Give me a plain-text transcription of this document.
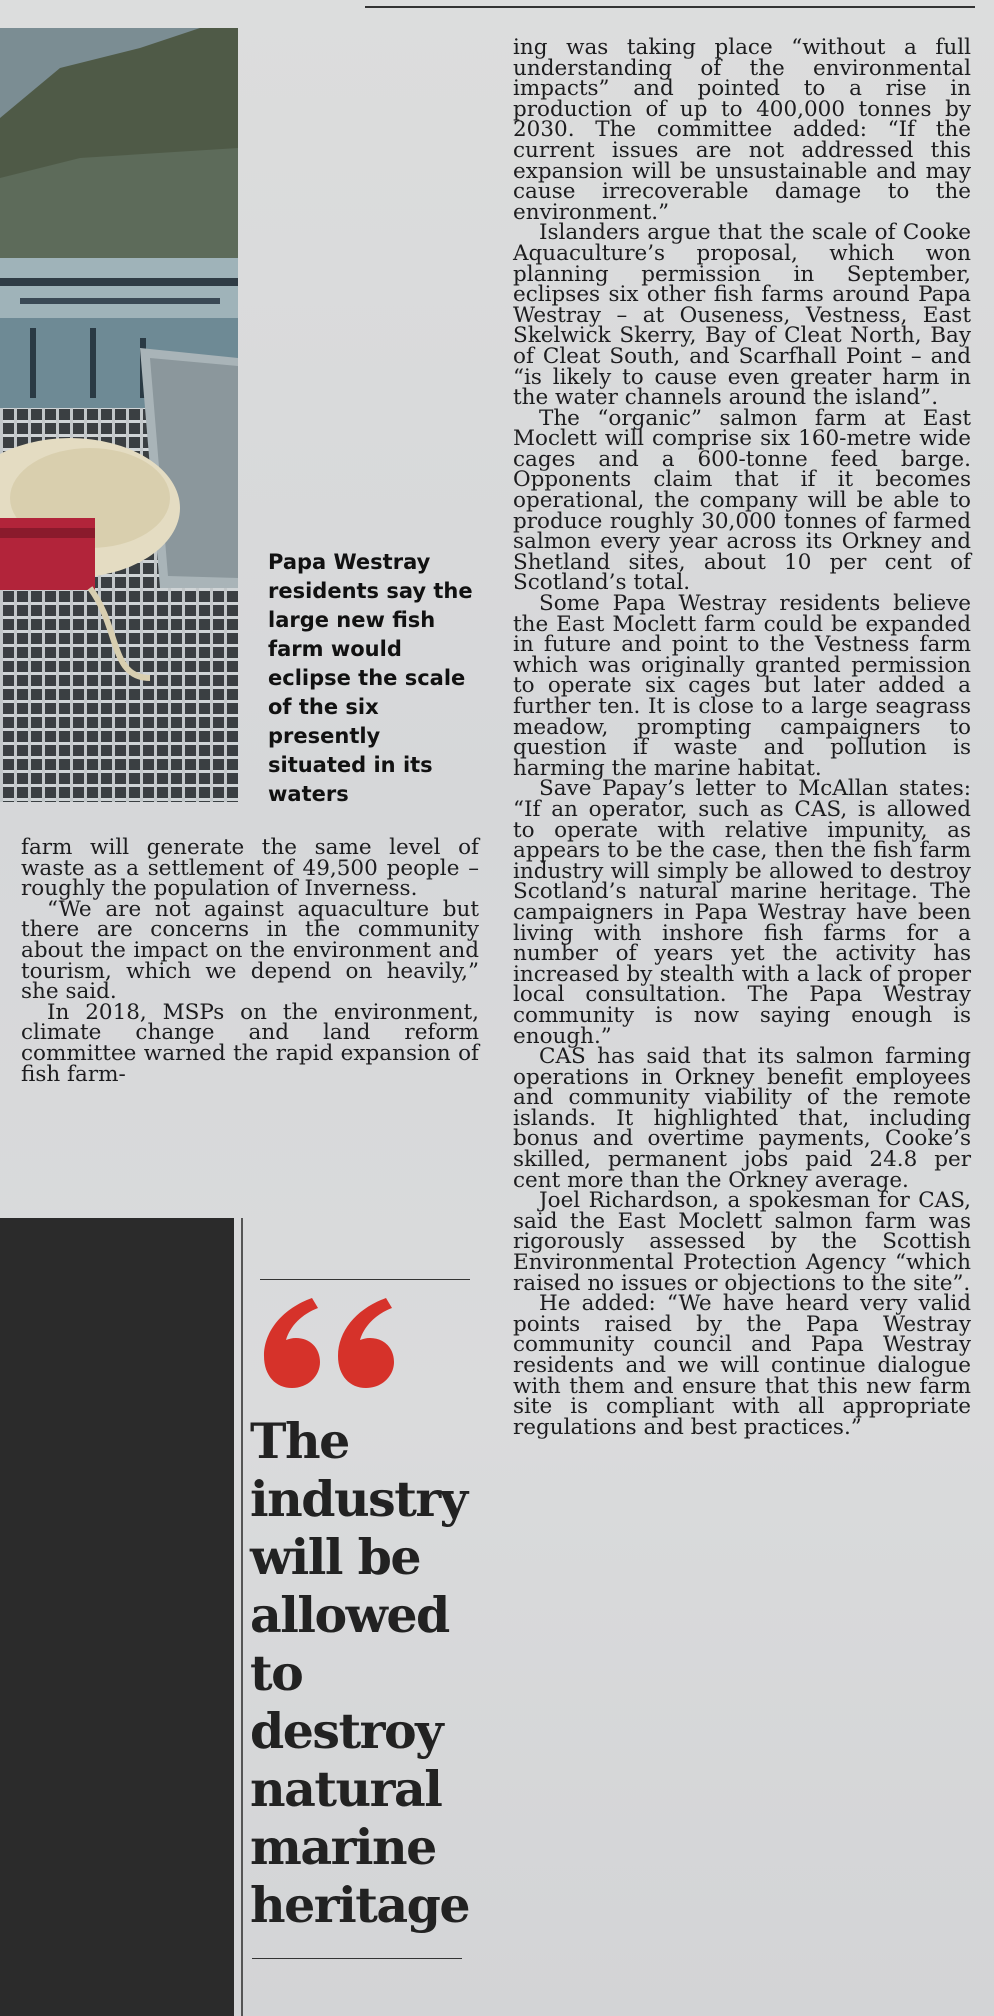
Papa Westray residents say the large new fish farm would eclipse the scale of the six presently situated in its waters

farm will generate the same level of waste as a settlement of 49,500 people – roughly the population of Inverness.

“We are not against aquaculture but there are concerns in the community about the impact on the environment and tourism, which we depend on heavily,” she said.

In 2018, MSPs on the environment, climate change and land reform committee warned the rapid expansion of fish farm-

ing was taking place “without a full understanding of the environmental impacts” and pointed to a rise in production of up to 400,000 tonnes by 2030. The committee added: “If the current issues are not addressed this expansion will be unsustainable and may cause irrecoverable damage to the environment.”

Islanders argue that the scale of Cooke Aquaculture’s proposal, which won planning permission in September, eclipses six other fish farms around Papa Westray – at Ouseness, Vestness, East Skelwick Skerry, Bay of Cleat North, Bay of Cleat South, and Scarfhall Point – and “is likely to cause even greater harm in the water channels around the island”.

The “organic” salmon farm at East Moclett will comprise six 160-metre wide cages and a 600-tonne feed barge. Opponents claim that if it becomes operational, the company will be able to produce roughly 30,000 tonnes of farmed salmon every year across its Orkney and Shetland sites, about 10 per cent of Scotland’s total.

Some Papa Westray residents believe the East Moclett farm could be expanded in future and point to the Vestness farm which was originally granted permission to operate six cages but later added a further ten. It is close to a large seagrass meadow, prompting campaigners to question if waste and pollution is harming the marine habitat.

Save Papay’s letter to McAllan states: “If an operator, such as CAS, is allowed to operate with relative impunity, as appears to be the case, then the fish farm industry will simply be allowed to destroy Scotland’s natural marine heritage. The campaigners in Papa Westray have been living with inshore fish farms for a number of years yet the activity has increased by stealth with a lack of proper local consultation. The Papa Westray community is now saying enough is enough.”

CAS has said that its salmon farming operations in Orkney benefit employees and community viability of the remote islands. It highlighted that, including bonus and overtime payments, Cooke’s skilled, permanent jobs paid 24.8 per cent more than the Orkney average.

Joel Richardson, a spokesman for CAS, said the East Moclett salmon farm was rigorously assessed by the Scottish Environmental Protection Agency “which raised no issues or objections to the site”.

He added: “We have heard very valid points raised by the Papa Westray community council and Papa Westray residents and we will continue dialogue with them and ensure that this new farm site is compliant with all appropriate regulations and best practices.”

The
industry
will be
allowed
to
destroy
natural
marine
heritage
